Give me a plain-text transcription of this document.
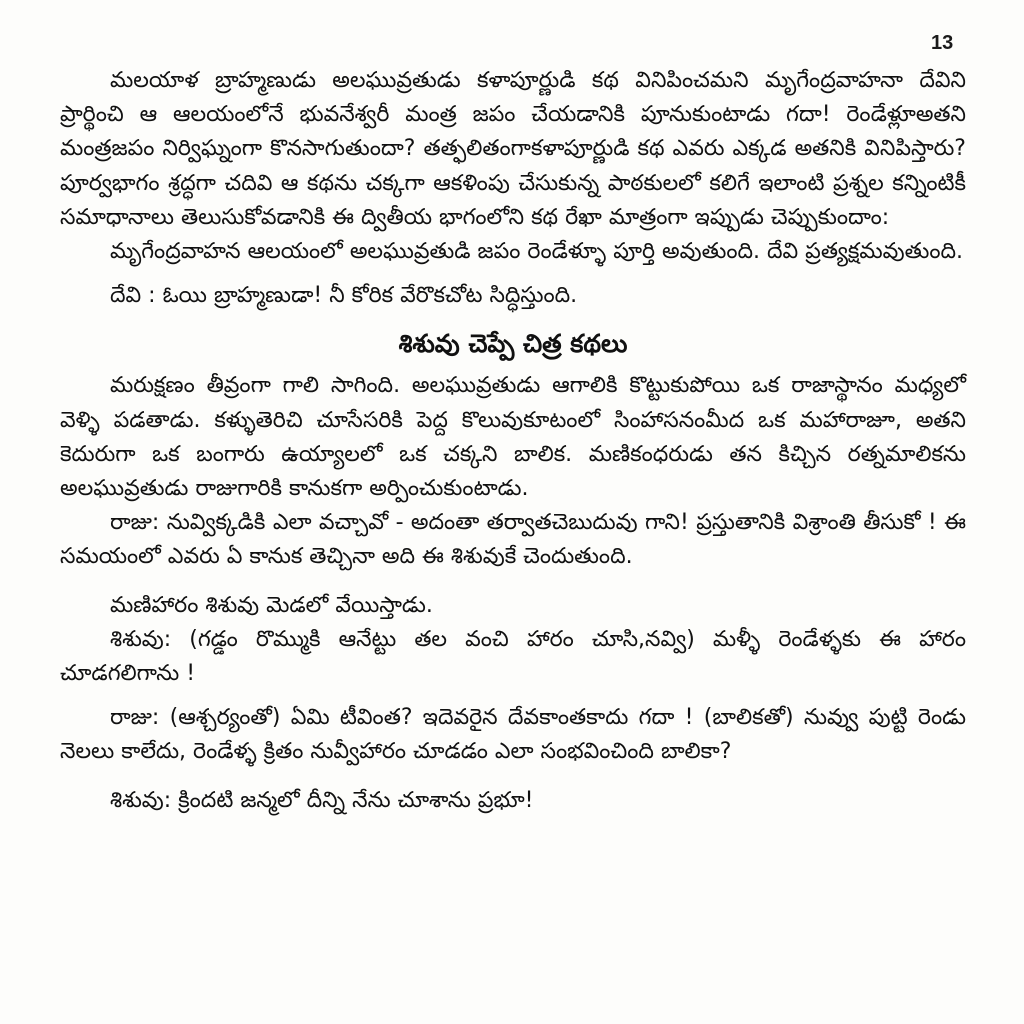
13

మలయాళ బ్రాహ్మణుడు అలఘువ్రతుడు కళాపూర్ణుడి కథ వినిపించమని మృగేంద్రవాహనా దేవిని ప్రార్థించి ఆ ఆలయంలోనే భువనేశ్వరీ మంత్ర జపం చేయడానికి పూనుకుంటాడు గదా! రెండేళ్లూఅతని మంత్రజపం నిర్విఘ్నంగా కొనసాగుతుందా? తత్ఫలితంగాకళాపూర్ణుడి కథ ఎవరు ఎక్కడ అతనికి వినిపిస్తారు? పూర్వభాగం శ్రద్ధగా చదివి ఆ కథను చక్కగా ఆకళింపు చేసుకున్న పాఠకులలో కలిగే ఇలాంటి ప్రశ్నల కన్నింటికీ సమాధానాలు తెలుసుకోవడానికి ఈ ద్వితీయ భాగంలోని కథ రేఖా మాత్రంగా ఇప్పుడు చెప్పుకుందాం:

మృగేంద్రవాహన ఆలయంలో అలఘువ్రతుడి జపం రెండేళ్ళూ పూర్తి అవుతుంది. దేవి ప్రత్యక్షమవుతుంది.

దేవి : ఓయి బ్రాహ్మణుడా! నీ కోరిక వేరొకచోట సిద్ధిస్తుంది.

శిశువు చెప్పే చిత్ర కథలు

మరుక్షణం తీవ్రంగా గాలి సాగింది. అలఘువ్రతుడు ఆగాలికి కొట్టుకుపోయి ఒక రాజాస్థానం మధ్యలో వెళ్ళి పడతాడు. కళ్ళుతెరిచి చూసేసరికి పెద్ద కొలువుకూటంలో సింహాసనంమీద ఒక మహారాజూ, అతని కెదురుగా ఒక బంగారు ఉయ్యాలలో ఒక చక్కని బాలిక. మణికంధరుడు తన కిచ్చిన రత్నమాలికను అలఘువ్రతుడు రాజుగారికి కానుకగా అర్పించుకుంటాడు.

రాజు: నువ్విక్కడికి ఎలా వచ్చావో - అదంతా తర్వాతచెబుదువు గాని! ప్రస్తుతానికి విశ్రాంతి తీసుకో ! ఈ సమయంలో ఎవరు ఏ కానుక తెచ్చినా అది ఈ శిశువుకే చెందుతుంది.

మణిహారం శిశువు మెడలో వేయిస్తాడు.

శిశువు: (గడ్డం రొమ్ముకి ఆనేట్టు తల వంచి హారం చూసి,నవ్వి) మళ్ళీ రెండేళ్ళకు ఈ హారం చూడగలిగాను !

రాజు: (ఆశ్చర్యంతో) ఏమి టీవింత? ఇదెవరైన దేవకాంతకాదు గదా ! (బాలికతో) నువ్వు పుట్టి రెండు నెలలు కాలేదు, రెండేళ్ళ క్రితం నువ్వీహారం చూడడం ఎలా సంభవించింది బాలికా?

శిశువు: క్రిందటి జన్మలో దీన్ని నేను చూశాను ప్రభూ!
